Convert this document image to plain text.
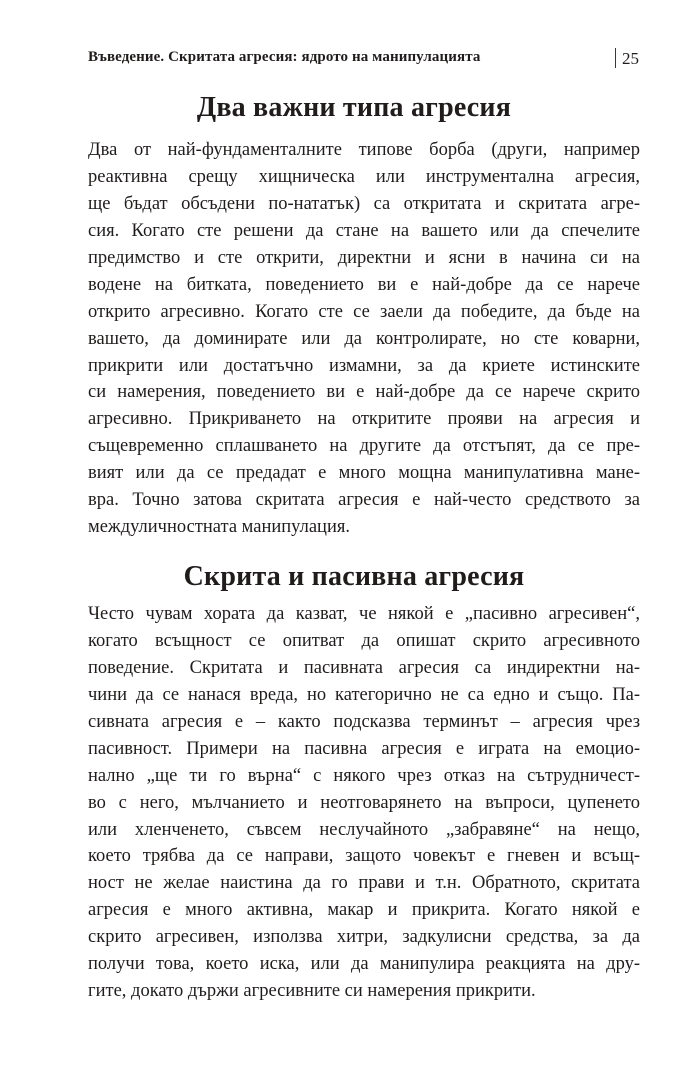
Въведение. Скритата агресия: ядрото на манипулацията	25
Два важни типа агресия
Два от най-фундаменталните типове борба (други, например
реактивна срещу хищническа или инструментална агресия,
ще бъдат обсъдени по-нататък) са откритата и скритата агре-
сия. Когато сте решени да стане на вашето или да спечелите
предимство и сте открити, директни и ясни в начина си на
водене на битката, поведението ви е най-добре да се нарече
открито агресивно. Когато сте се заели да победите, да бъде на
вашето, да доминирате или да контролирате, но сте коварни,
прикрити или достатъчно измамни, за да криете истинските
си намерения, поведението ви е най-добре да се нарече скрито
агресивно. Прикриването на откритите прояви на агресия и
същевременно сплашването на другите да отстъпят, да се пре-
вият или да се предадат е много мощна манипулативна мане-
вра. Точно затова скритата агресия е най-често средството за
междуличностната манипулация.
Скрита и пасивна агресия
Често чувам хората да казват, че някой е „пасивно агресивен“,
когато всъщност се опитват да опишат скрито агресивното
поведение. Скритата и пасивната агресия са индиректни на-
чини да се нанася вреда, но категорично не са едно и също. Па-
сивната агресия е – както подсказва терминът – агресия чрез
пасивност. Примери на пасивна агресия е играта на емоцио-
нално „ще ти го върна“ с някого чрез отказ на сътрудничест-
во с него, мълчанието и неотговарянето на въпроси, цупенето
или хленченето, съвсем неслучайното „забравяне“ на нещо,
което трябва да се направи, защото човекът е гневен и всъщ-
ност не желае наистина да го прави и т.н. Обратното, скритата
агресия е много активна, макар и прикрита. Когато някой е
скрито агресивен, използва хитри, задкулисни средства, за да
получи това, което иска, или да манипулира реакцията на дру-
гите, докато държи агресивните си намерения прикрити.
